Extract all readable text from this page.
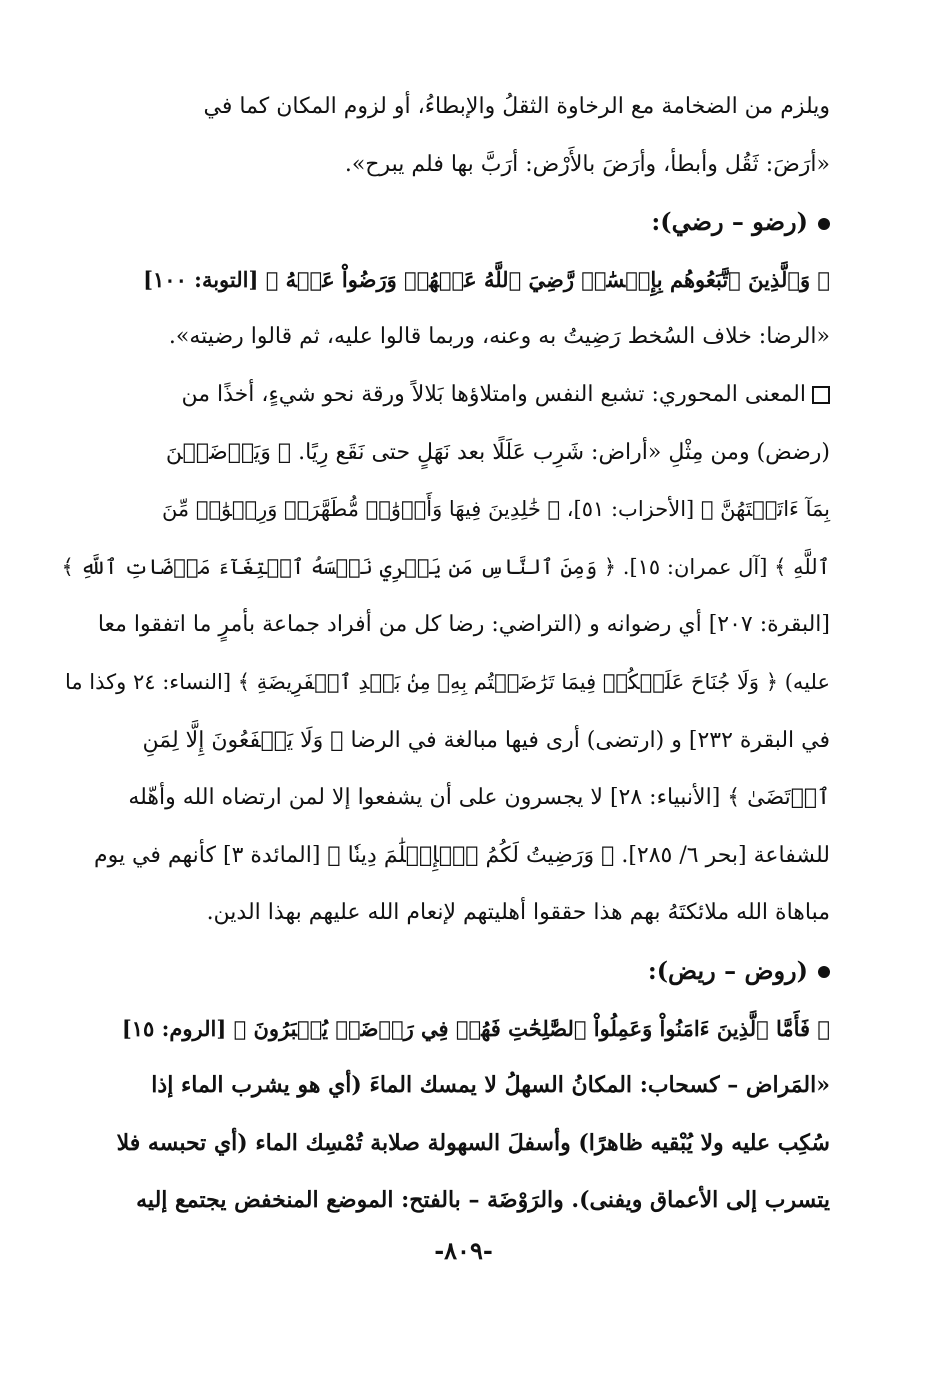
ويلزم من الضخامة مع الرخاوة الثقلُ والإبطاءُ، أو لزوم المكان كما في
«أرَضَ: ثَقُل وأبطأ، وأرَضَ بالأَرْض: أرَبَّ بها فلم يبرح».
(رضو – رضي):
﴿ وَٱلَّذِينَ ٱتَّبَعُوهُم بِإِحۡسَٰنٖ رَّضِيَ ٱللَّهُ عَنۡهُمۡ وَرَضُواْ عَنۡهُ ﴾ [التوبة: ١٠٠]
«الرضا: خلاف السُخط رَضِيتُ به وعنه، وربما قالوا عليه، ثم قالوا رضيته».
المعنى المحوري: تشبع النفس وامتلاؤها بَلالاً ورقة نحو شيءٍ، أخذًا من
(رضض) ومن مِثْلِ «أراض: شَرِب عَلَلًا بعد نَهَلٍ حتى نَقَع رِيًا. ﴿ وَيَرۡضَيۡنَ
بِمَآ ءَاتَيۡتَهُنَّ ﴾ [الأحزاب: ٥١]، ﴿ خَٰلِدِينَ فِيهَا وَأَزۡوَٰجٞ مُّطَهَّرَةٞ وَرِضۡوَٰنٞ مِّنَ
ٱللَّهِ ﴾ [آل عمران: ١٥]. ﴿ وَمِنَ ٱلنَّاسِ مَن يَشۡرِي نَفۡسَهُ ٱبۡتِغَآءَ مَرۡضَاتِ ٱللَّهِ ﴾
[البقرة: ٢٠٧] أي رضوانه و (التراضي: رضا كل من أفراد جماعة بأمرٍ ما اتفقوا معا
عليه) ﴿ وَلَا جُنَاحَ عَلَيۡكُمۡ فِيمَا تَرَٰضَيۡتُم بِهِۦ مِنۢ بَعۡدِ ٱلۡفَرِيضَةِ ﴾ [النساء: ٢٤ وكذا ما
في البقرة ٢٣٢] و (ارتضى) أرى فيها مبالغة في الرضا ﴿ وَلَا يَشۡفَعُونَ إِلَّا لِمَنِ
ٱرۡتَضَىٰ ﴾ [الأنبياء: ٢٨] لا يجسرون على أن يشفعوا إلا لمن ارتضاه الله وأهّله
للشفاعة [بحر ٦/ ٢٨٥]. ﴿ وَرَضِيتُ لَكُمُ ٱلۡإِسۡلَٰمَ دِينٗا ﴾ [المائدة ٣] كأنهم في يوم
مباهاة الله ملائكتَهُ بهم هذا حققوا أهليتهم لإنعام الله عليهم بهذا الدين.
(روض – ريض):
﴿ فَأَمَّا ٱلَّذِينَ ءَامَنُواْ وَعَمِلُواْ ٱلصَّٰلِحَٰتِ فَهُمۡ فِي رَوۡضَةٖ يُحۡبَرُونَ ﴾ [الروم: ١٥]
«المَراض – كسحاب: المكانُ السهلُ لا يمسك الماءَ (أي هو يشرب الماء إذا
سُكِب عليه ولا يُبْقيه ظاهرًا) وأسفلَ السهولة صلابة تُمْسِك الماء (أي تحبسه فلا
يتسرب إلى الأعماق ويفنى). والرَوْضَة – بالفتح: الموضع المنخفض يجتمع إليه
-٨٠٩-
